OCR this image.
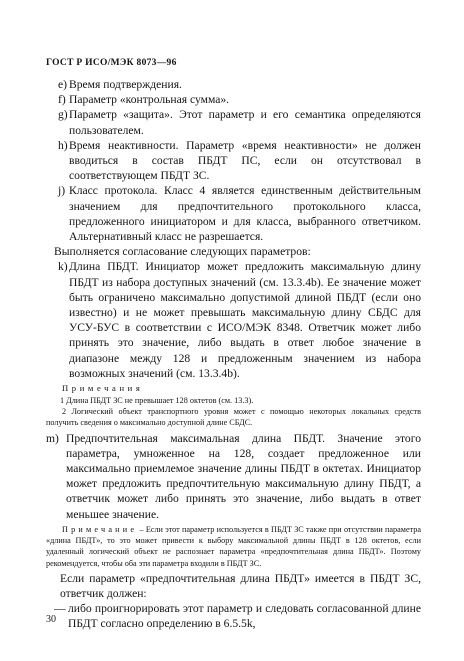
ГОСТ Р ИСО/МЭК 8073—96
e) Время подтверждения.
f) Параметр «контрольная сумма».
g) Параметр «защита». Этот параметр и его семантика определяются пользователем.
h) Время неактивности. Параметр «время неактивности» не должен вводиться в состав ПБДТ ПС, если он отсутствовал в соответствующем ПБДТ ЗС.
j) Класс протокола. Класс 4 является единственным действительным значением для предпочтительного протокольного класса, предложенного инициатором и для класса, выбранного ответчиком. Альтернативный класс не разрешается.
Выполняется согласование следующих параметров:
k) Длина ПБДТ. Инициатор может предложить максимальную длину ПБДТ из набора доступных значений (см. 13.3.4b). Ее значение может быть ограничено максимально допустимой длиной ПБДТ (если оно известно) и не может превышать максимальную длину СБДС для УСУ-БУС в соответствии с ИСО/МЭК 8348. Ответчик может либо принять это значение, либо выдать в ответ любое значение в диапазоне между 128 и предложенным значением из набора возможных значений (см. 13.3.4b).
Примечания
1 Длина ПБДТ ЗС не превышает 128 октетов (см. 13.3).
2 Логический объект транспортного уровня может с помощью некоторых локальных средств получить сведения о максимально доступной длине СБДС.
m) Предпочтительная максимальная длина ПБДТ. Значение этого параметра, умноженное на 128, создает предложенное или максимально приемлемое значение длины ПБДТ в октетах. Инициатор может предложить предпочтительную максимальную длину ПБДТ, а ответчик может либо принять это значение, либо выдать в ответ меньшее значение.
Примечание – Если этот параметр используется в ПБДТ ЗС также при отсутствии параметра «длина ПБДТ», то это может привести к выбору максимальной длины ПБДТ в 128 октетов, если удаленный логический объект не распознает параметра «предпочтительная длина ПБДТ». Поэтому рекомендуется, чтобы оба эти параметра входили в ПБДТ ЗС.
Если параметр «предпочтительная длина ПБДТ» имеется в ПБДТ ЗС, ответчик должен:
— либо проигнорировать этот параметр и следовать согласованной длине ПБДТ согласно определению в 6.5.5k,
30
